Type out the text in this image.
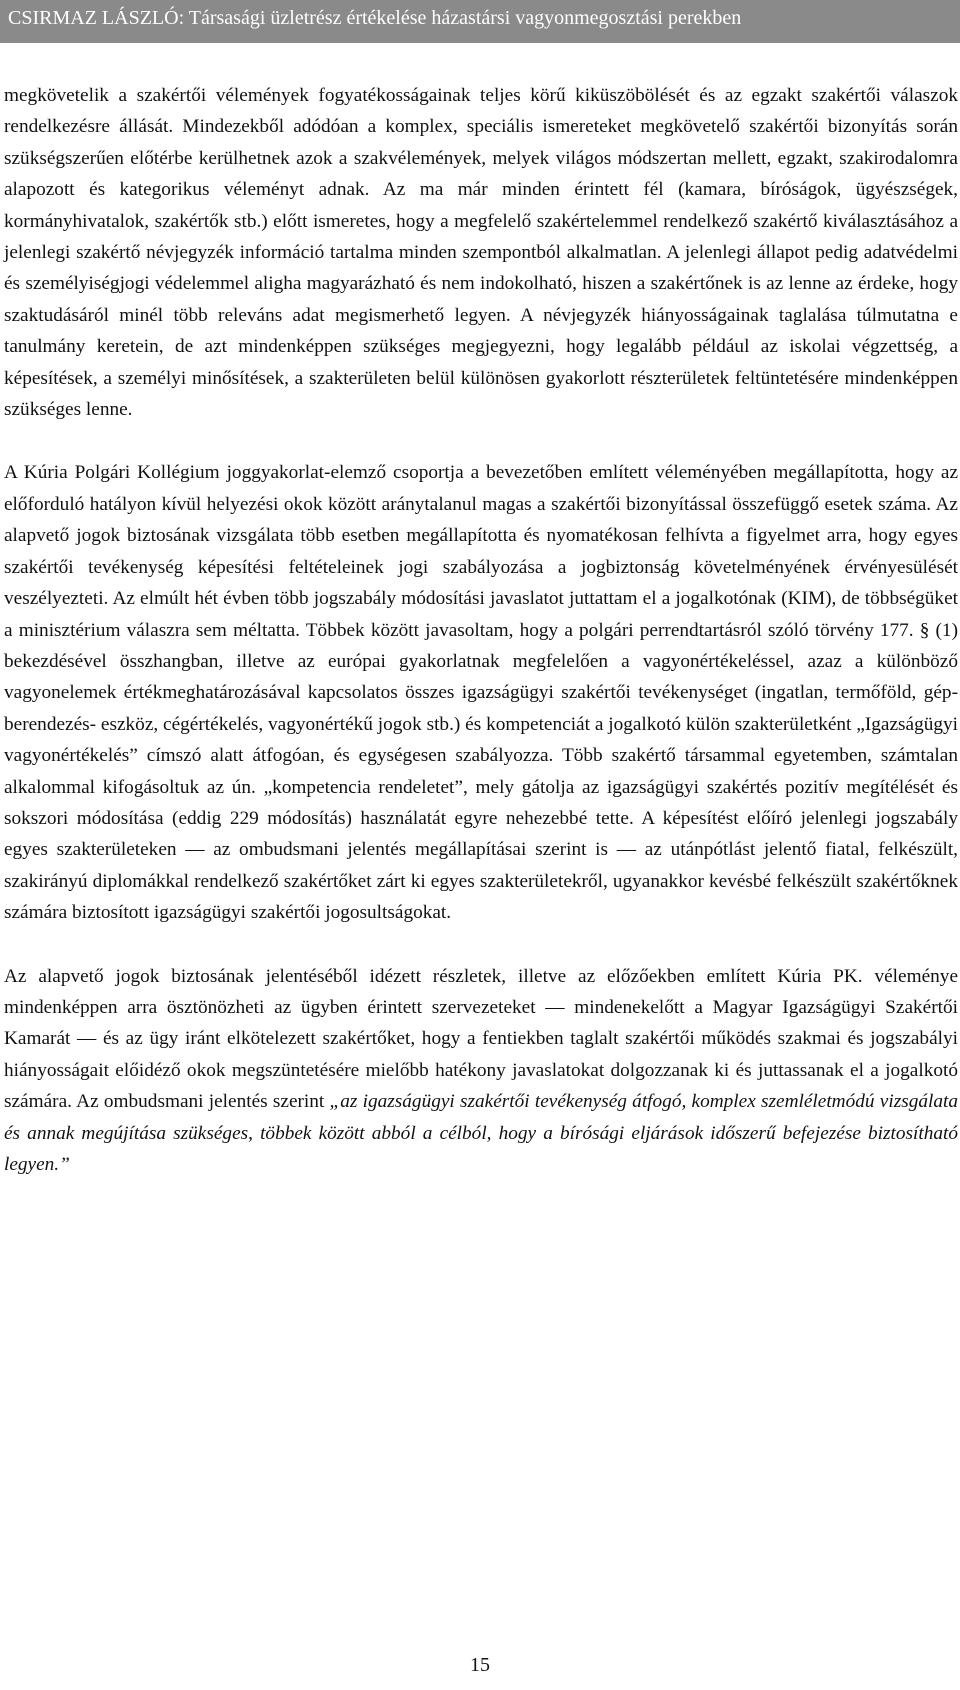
CSIRMAZ LÁSZLÓ: Társasági üzletrész értékelése házastársi vagyonmegosztási perekben

megkövetelik a szakértői vélemények fogyatékosságainak teljes körű kiküszöbölését és az egzakt szakértői válaszok rendelkezésre állását. Mindezekből adódóan a komplex, speciális ismereteket megkövetelő szakértői bizonyítás során szükségszerűen előtérbe kerülhetnek azok a szakvélemények, melyek világos módszertan mellett, egzakt, szakirodalomra alapozott és kategorikus véleményt adnak. Az ma már minden érintett fél (kamara, bíróságok, ügyészségek, kormányhivatalok, szakértők stb.) előtt ismeretes, hogy a megfelelő szakértelemmel rendelkező szakértő kiválasztásához a jelenlegi szakértő névjegyzék információ tartalma minden szempontból alkalmatlan. A jelenlegi állapot pedig adatvédelmi és személyiségjogi védelemmel aligha magyarázható és nem indokolható, hiszen a szakértőnek is az lenne az érdeke, hogy szaktudásáról minél több releváns adat megismerhető legyen. A névjegyzék hiányosságainak taglalása túlmutatna e tanulmány keretein, de azt mindenképpen szükséges megjegyezni, hogy legalább például az iskolai végzettség, a képesítések, a személyi minősítések, a szakterületen belül különösen gyakorlott részterületek feltüntetésére mindenképpen szükséges lenne.

A Kúria Polgári Kollégium joggyakorlat-elemző csoportja a bevezetőben említett véleményében megállapította, hogy az előforduló hatályon kívül helyezési okok között aránytalanul magas a szakértői bizonyítással összefüggő esetek száma. Az alapvető jogok biztosának vizsgálata több esetben megállapította és nyomatékosan felhívta a figyelmet arra, hogy egyes szakértői tevékenység képesítési feltételeinek jogi szabályozása a jogbiztonság követelményének érvényesülését veszélyezteti. Az elmúlt hét évben több jogszabály módosítási javaslatot juttattam el a jogalkotónak (KIM), de többségüket a minisztérium válaszra sem méltatta. Többek között javasoltam, hogy a polgári perrendtartásról szóló törvény 177. § (1) bekezdésével összhangban, illetve az európai gyakorlatnak megfelelően a vagyonértékeléssel, azaz a különböző vagyonelemek értékmeghatározásával kapcsolatos összes igazságügyi szakértői tevékenységet (ingatlan, termőföld, gép- berendezés- eszköz, cégértékelés, vagyonértékű jogok stb.) és kompetenciát a jogalkotó külön szakterületként „Igazságügyi vagyonértékelés” címszó alatt átfogóan, és egységesen szabályozza. Több szakértő társammal egyetemben, számtalan alkalommal kifogásoltuk az ún. „kompetencia rendeletet”, mely gátolja az igazságügyi szakértés pozitív megítélését és sokszori módosítása (eddig 229 módosítás) használatát egyre nehezebbé tette. A képesítést előíró jelenlegi jogszabály egyes szakterületeken — az ombudsmani jelentés megállapításai szerint is — az utánpótlást jelentő fiatal, felkészült, szakirányú diplomákkal rendelkező szakértőket zárt ki egyes szakterületekről, ugyanakkor kevésbé felkészült szakértőknek számára biztosított igazságügyi szakértői jogosultságokat.

Az alapvető jogok biztosának jelentéséből idézett részletek, illetve az előzőekben említett Kúria PK. véleménye mindenképpen arra ösztönözheti az ügyben érintett szervezeteket — mindenekelőtt a Magyar Igazságügyi Szakértői Kamarát — és az ügy iránt elkötelezett szakértőket, hogy a fentiekben taglalt szakértői működés szakmai és jogszabályi hiányosságait előidéző okok megszüntetésére mielőbb hatékony javaslatokat dolgozzanak ki és juttassanak el a jogalkotó számára. Az ombudsmani jelentés szerint „az igazságügyi szakértői tevékenység átfogó, komplex szemléletmódú vizsgálata és annak megújítása szükséges, többek között abból a célból, hogy a bírósági eljárások időszerű befejezése biztosítható legyen.”

15
